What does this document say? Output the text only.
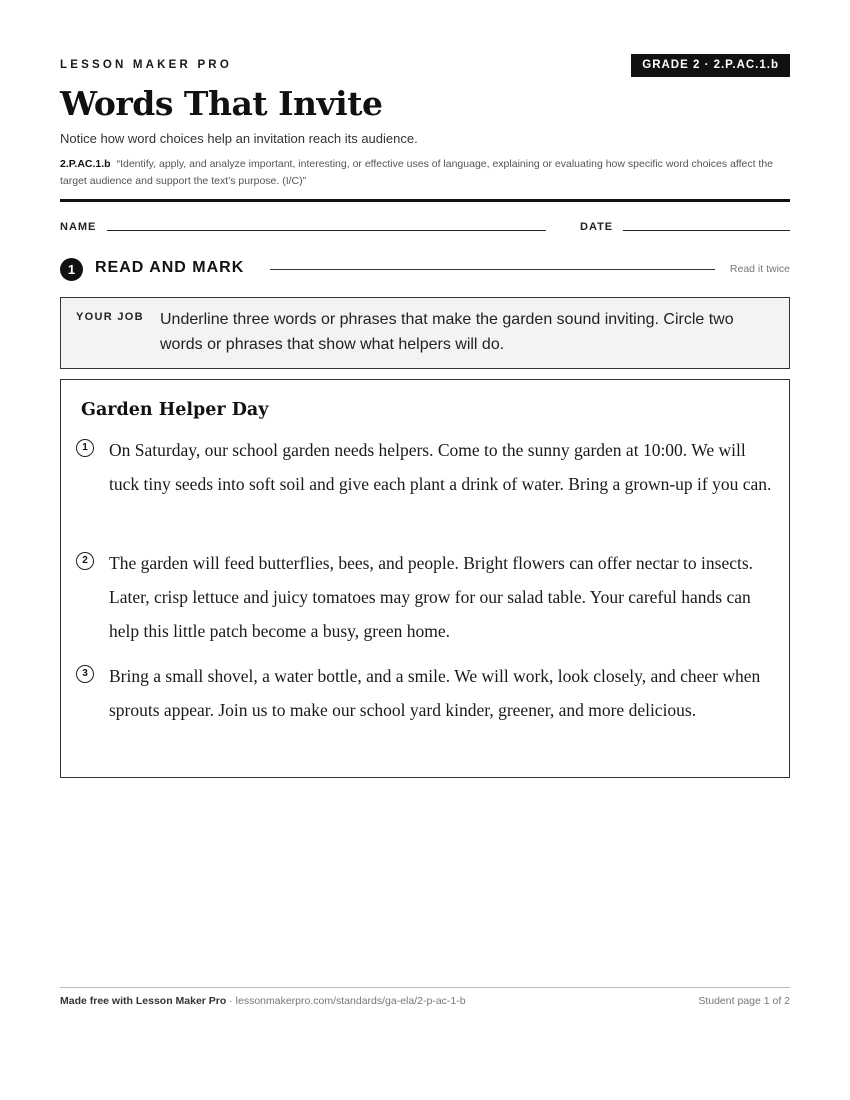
LESSON MAKER PRO	GRADE 2 · 2.P.AC.1.b
Words That Invite
Notice how word choices help an invitation reach its audience.
2.P.AC.1.b “Identify, apply, and analyze important, interesting, or effective uses of language, explaining or evaluating how specific word choices affect the target audience and support the text’s purpose. (I/C)”
NAME	DATE
1	READ AND MARK	Read it twice
YOUR JOB Underline three words or phrases that make the garden sound inviting. Circle two words or phrases that show what helpers will do.
Garden Helper Day
1	On Saturday, our school garden needs helpers. Come to the sunny garden at 10:00. We will tuck tiny seeds into soft soil and give each plant a drink of water. Bring a grown-up if you can.
2	The garden will feed butterflies, bees, and people. Bright flowers can offer nectar to insects. Later, crisp lettuce and juicy tomatoes may grow for our salad table. Your careful hands can help this little patch become a busy, green home.
3	Bring a small shovel, a water bottle, and a smile. We will work, look closely, and cheer when sprouts appear. Join us to make our school yard kinder, greener, and more delicious.
Made free with Lesson Maker Pro · lessonmakerpro.com/standards/ga-ela/2-p-ac-1-b	Student page 1 of 2
